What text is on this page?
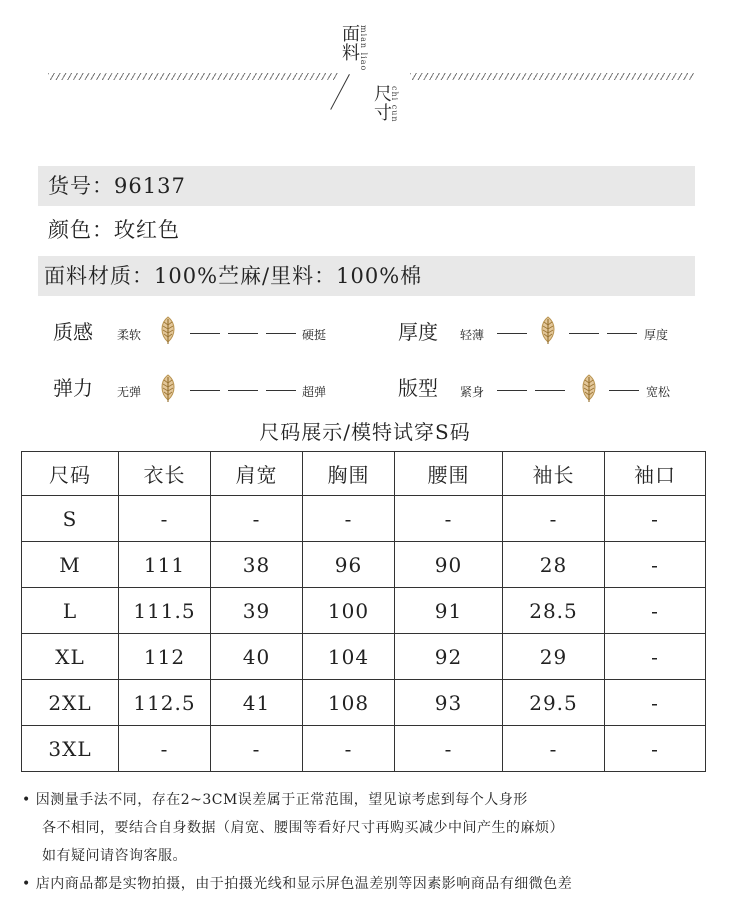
面料 mian liao
尺寸
chi cun
货号：96137
颜色：玫红色
面料材质：100%苎麻/里料：100%棉
质感 柔软	硬挺	厚度 轻薄	厚度
弹力 无弹	超弹	版型 紧身	宽松
尺码展示/模特试穿S码
尺码	衣长	肩宽	胸围	腰围	袖长	袖口
S	-	-	-	-	-	-
M	111	38	96	90	28	-
L	111.5	39	100	91	28.5	-
XL	112	40	104	92	29	-
2XL	112.5	41	108	93	29.5	-
3XL	-	-	-	-	-	-
• 因测量手法不同，存在2~3CM误差属于正常范围，望见谅考虑到每个人身形
各不相同，要结合自身数据（肩宽、腰围等看好尺寸再购买减少中间产生的麻烦）
如有疑问请咨询客服。
• 店内商品都是实物拍摄，由于拍摄光线和显示屏色温差别等因素影响商品有细微色差
